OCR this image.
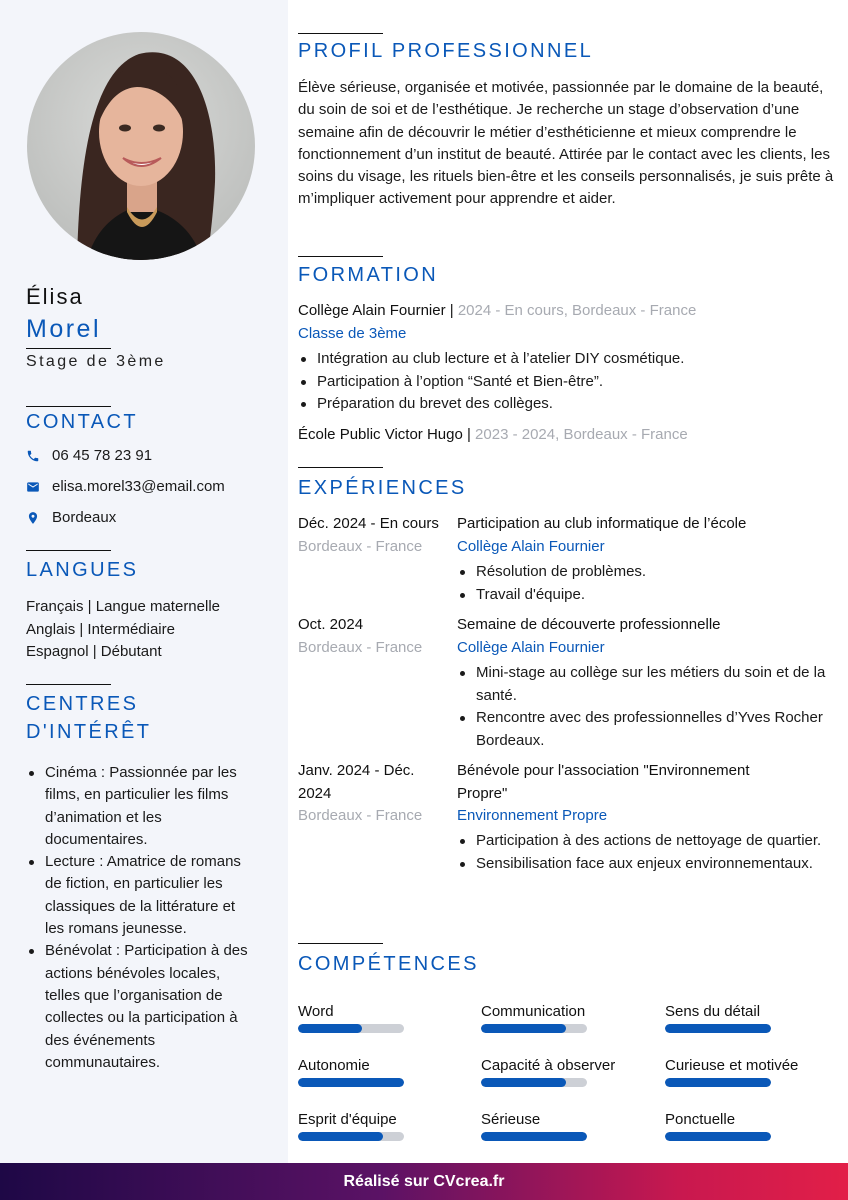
Élisa
Morel
Stage de 3ème
CONTACT
06 45 78 23 91
elisa.morel33@email.com
Bordeaux
LANGUES
Français | Langue maternelle
Anglais | Intermédiaire
Espagnol | Débutant
CENTRES
D'INTÉRÊT
Cinéma : Passionnée par les films, en particulier les films d’animation et les documentaires.
Lecture : Amatrice de romans de fiction, en particulier les classiques de la littérature et les romans jeunesse.
Bénévolat : Participation à des actions bénévoles locales, telles que l’organisation de collectes ou la participation à des événements communautaires.
PROFIL PROFESSIONNEL
Élève sérieuse, organisée et motivée, passionnée par le domaine de la beauté, du soin de soi et de l’esthétique. Je recherche un stage d’observation d’une semaine afin de découvrir le métier d’esthéticienne et mieux comprendre le fonctionnement d’un institut de beauté. Attirée par le contact avec les clients, les soins du visage, les rituels bien-être et les conseils personnalisés, je suis prête à m’impliquer activement pour apprendre et aider.
FORMATION
Collège Alain Fournier | 2024 - En cours, Bordeaux - France
Classe de 3ème
Intégration au club lecture et à l’atelier DIY cosmétique.
Participation à l’option “Santé et Bien-être”.
Préparation du brevet des collèges.
École Public Victor Hugo | 2023 - 2024, Bordeaux - France
EXPÉRIENCES
Déc. 2024 - En cours
Bordeaux - France
Participation au club informatique de l’école
Collège Alain Fournier
Résolution de problèmes.
Travail d'équipe.
Oct. 2024
Bordeaux - France
Semaine de découverte professionnelle
Collège Alain Fournier
Mini-stage au collège sur les métiers du soin et de la santé.
Rencontre avec des professionnelles d’Yves Rocher Bordeaux.
Janv. 2024 - Déc. 2024
Bordeaux - France
Bénévole pour l'association "Environnement Propre"
Environnement Propre
Participation à des actions de nettoyage de quartier.
Sensibilisation face aux enjeux environnementaux.
COMPÉTENCES
Word	Communication	Sens du détail
Autonomie	Capacité à observer	Curieuse et motivée
Esprit d'équipe	Sérieuse	Ponctuelle
Réalisé sur CVcrea.fr
